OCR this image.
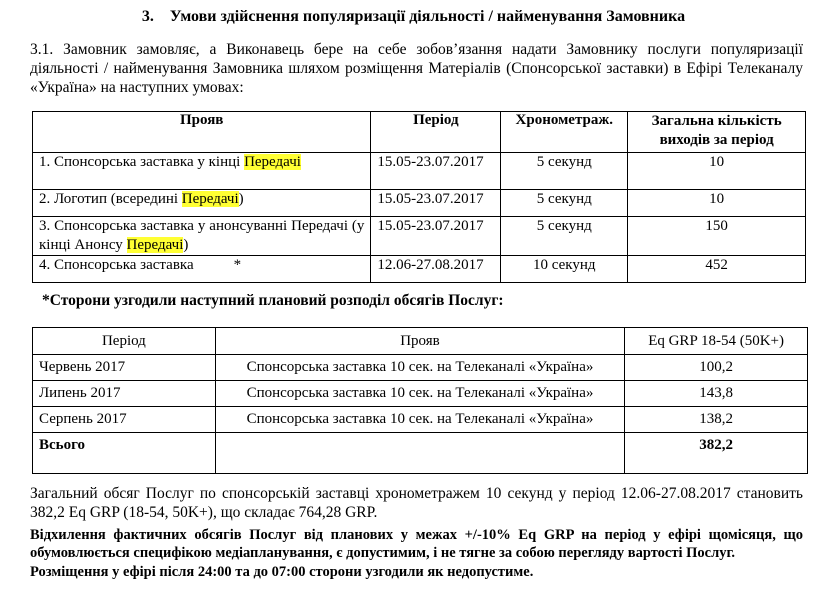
3. Умови здійснення популяризації діяльності / найменування Замовника
3.1. Замовник замовляє, а Виконавець бере на себе зобов’язання надати Замовнику послуги популяризації діяльності / найменування Замовника шляхом розміщення Матеріалів (Спонсорської заставки) в Ефірі Телеканалу «Україна» на наступних умовах:
Прояв	Період	Хронометраж.	Загальна кількість виходів за період
1. Спонсорська заставка у кінці Передачі	15.05-23.07.2017	5 секунд	10
2. Логотип (всередині Передачі)	15.05-23.07.2017	5 секунд	10
3. Спонсорська заставка у анонсуванні Передачі (у кінці Анонсу Передачі)	15.05-23.07.2017	5 секунд	150
4. Спонсорська заставка *	12.06-27.08.2017	10 секунд	452
*Сторони узгодили наступний плановий розподіл обсягів Послуг:
Період	Прояв	Eq GRP 18-54 (50K+)
Червень 2017	Спонсорська заставка 10 сек. на Телеканалі «Україна»	100,2
Липень 2017	Спонсорська заставка 10 сек. на Телеканалі «Україна»	143,8
Серпень 2017	Спонсорська заставка 10 сек. на Телеканалі «Україна»	138,2
Всього		382,2
Загальний обсяг Послуг по спонсорській заставці хронометражем 10 секунд у період 12.06-27.08.2017 становить 382,2 Eq GRP (18-54, 50K+), що складає 764,28 GRP.
Відхилення фактичних обсягів Послуг від планових у межах +/-10% Eq GRP на період у ефірі щомісяця, що обумовлюється специфікою медіапланування, є допустимим, і не тягне за собою перегляду вартості Послуг.
Розміщення у ефірі після 24:00 та до 07:00 сторони узгодили як недопустиме.
